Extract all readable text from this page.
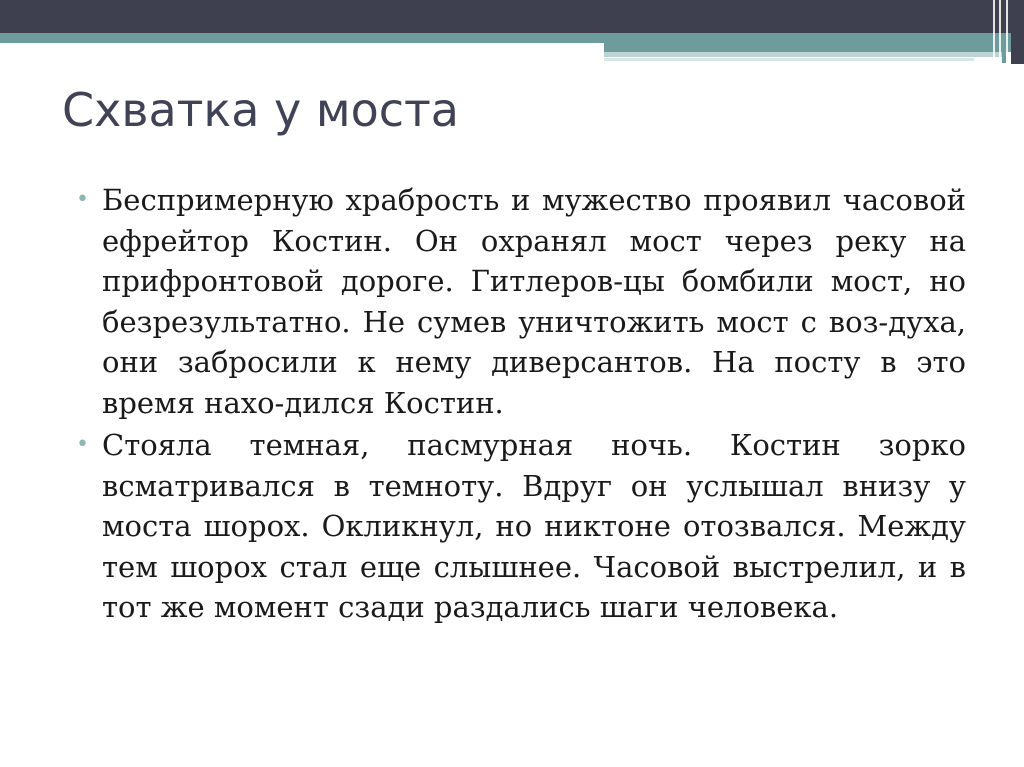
Схватка у моста

• Беспримерную храбрость и мужество проявил часовой ефрейтор Костин. Он охранял мост через реку на прифронтовой дороге. Гитлеров-цы бомбили мост, но безрезультатно. Не сумев уничтожить мост с воз-духа, они забросили к нему диверсантов. На посту в это время нахо-дился Костин.

• Стояла темная, пасмурная ночь. Костин зорко всматривался в темноту. Вдруг он услышал внизу у моста шорох. Окликнул, но никтоне отозвался. Между тем шорох стал еще слышнее. Часовой выстрелил, и в тот же момент сзади раздались шаги человека.
